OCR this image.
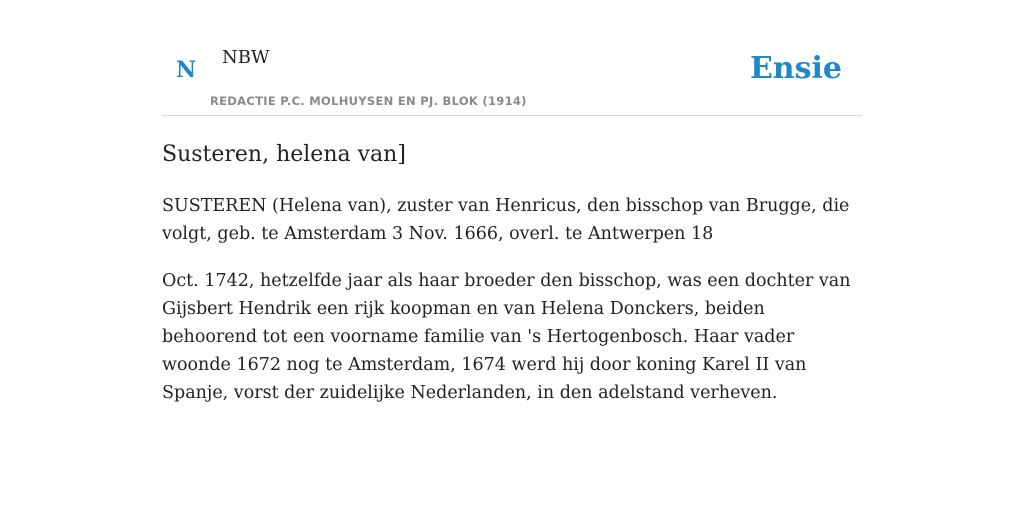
N NBW
REDACTIE P.C. MOLHUYSEN EN PJ. BLOK (1914)
Ensie
Susteren, helena van]

SUSTEREN (Helena van), zuster van Henricus, den bisschop van Brugge, die volgt, geb. te Amsterdam 3 Nov. 1666, overl. te Antwerpen 18

Oct. 1742, hetzelfde jaar als haar broeder den bisschop, was een dochter van Gijsbert Hendrik een rijk koopman en van Helena Donckers, beiden behoorend tot een voorname familie van 's Hertogenbosch. Haar vader woonde 1672 nog te Amsterdam, 1674 werd hij door koning Karel II van Spanje, vorst der zuidelijke Nederlanden, in den adelstand verheven.
